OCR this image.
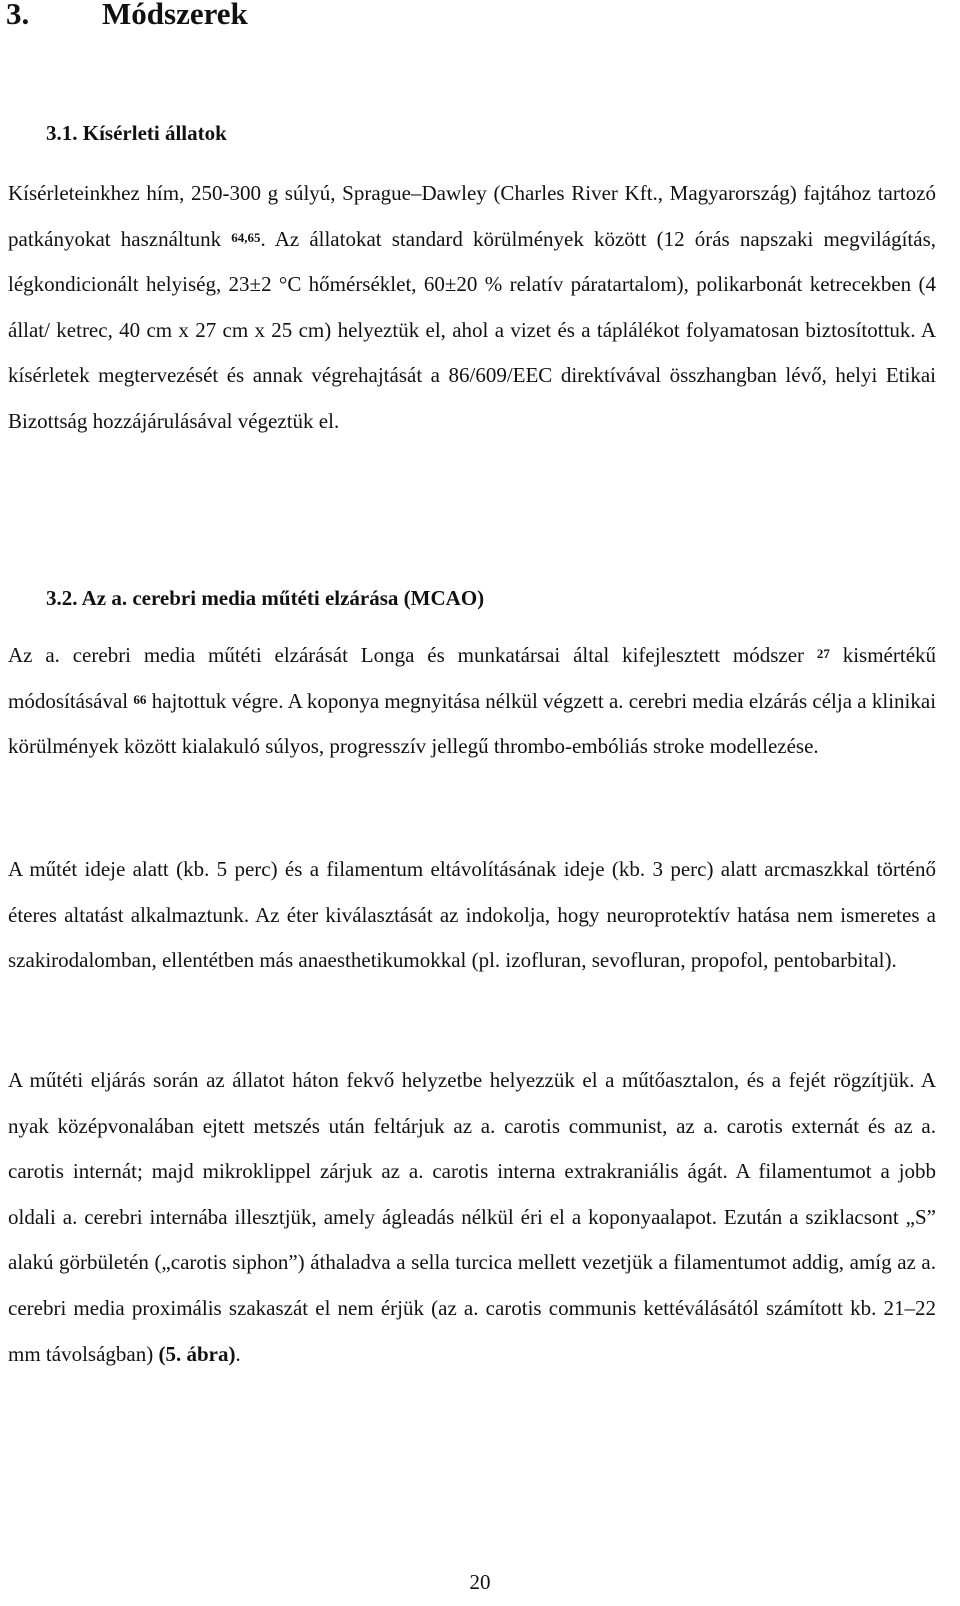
3. Módszerek
3.1. Kísérleti állatok

Kísérleteinkhez hím, 250-300 g súlyú, Sprague–Dawley (Charles River Kft., Magyarország) fajtához tartozó patkányokat használtunk $^{64,65}$. Az állatokat standard körülmények között (12 órás napszaki megvilágítás, légkondicionált helyiség, 23±2 °C hőmérséklet, 60±20 % relatív páratartalom), polikarbonát ketrecekben (4 állat/ ketrec, 40 cm x 27 cm x 25 cm) helyeztük el, ahol a vizet és a táplálékot folyamatosan biztosítottuk. A kísérletek megtervezését és annak végrehajtását a 86/609/EEC direktívával összhangban lévő, helyi Etikai Bizottság hozzájárulásával végeztük el.

3.2. Az a. cerebri media műtéti elzárása (MCAO)

Az a. cerebri media műtéti elzárását Longa és munkatársai által kifejlesztett módszer $^{27}$ kismértékű módosításával $^{66}$ hajtottuk végre. A koponya megnyitása nélkül végzett a. cerebri media elzárás célja a klinikai körülmények között kialakuló súlyos, progresszív jellegű thrombo-embóliás stroke modellezése.

A műtét ideje alatt (kb. 5 perc) és a filamentum eltávolításának ideje (kb. 3 perc) alatt arcmaszkkal történő éteres altatást alkalmaztunk. Az éter kiválasztását az indokolja, hogy neuroprotektív hatása nem ismeretes a szakirodalomban, ellentétben más anaesthetikumokkal (pl. izofluran, sevofluran, propofol, pentobarbital).

A műtéti eljárás során az állatot háton fekvő helyzetbe helyezzük el a műtőasztalon, és a fejét rögzítjük. A nyak középvonalában ejtett metszés után feltárjuk az a. carotis communist, az a. carotis externát és az a. carotis internát; majd mikroklippel zárjuk az a. carotis interna extrakraniális ágát. A filamentumot a jobb oldali a. cerebri internába illesztjük, amely ágleadás nélkül éri el a koponyaalapot. Ezután a sziklacsont „S” alakú görbületén („carotis siphon”) áthaladva a sella turcica mellett vezetjük a filamentumot addig, amíg az a. cerebri media proximális szakaszát el nem érjük (az a. carotis communis kettéválásától számított kb. 21–22 mm távolságban) (5. ábra).

20
